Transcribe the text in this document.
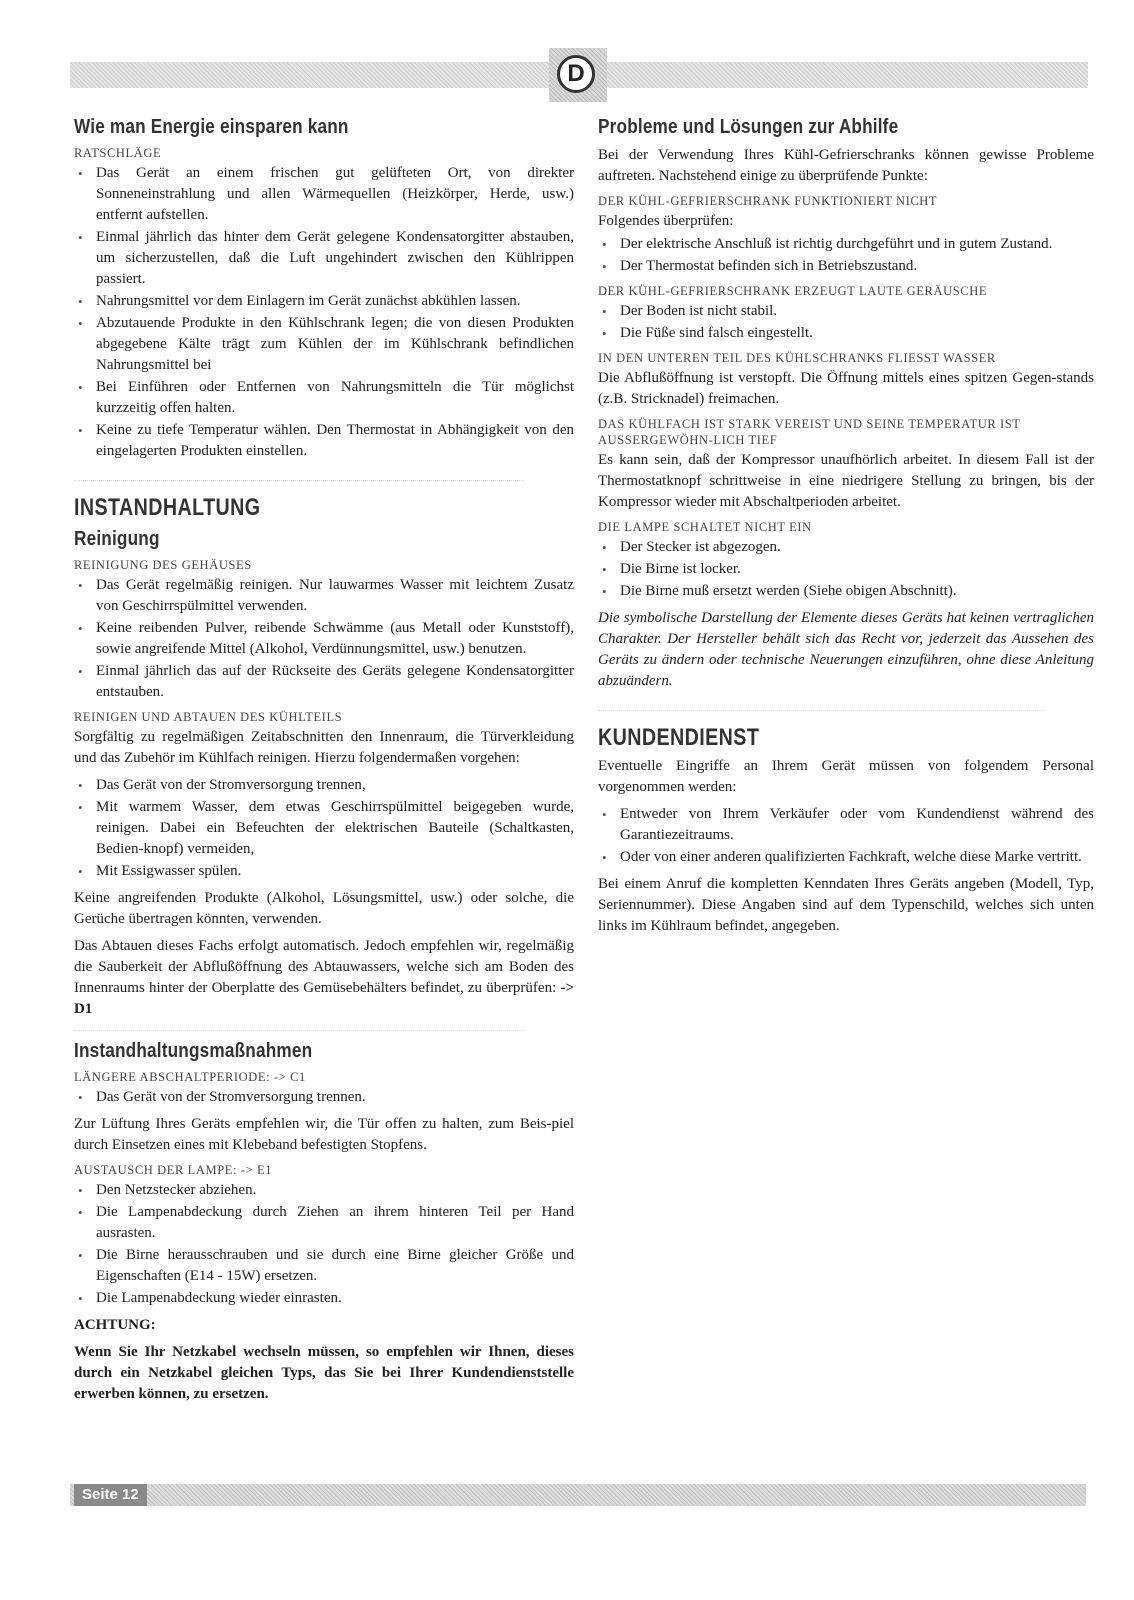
D
Wie man Energie einsparen kann
RATSCHLÄGE
• Das Gerät an einem frischen gut gelüfteten Ort, von direkter Sonneneinstrahlung und allen Wärmequellen (Heizkörper, Herde, usw.) entfernt aufstellen.
• Einmal jährlich das hinter dem Gerät gelegene Kondensatorgitter abstauben, um sicherzustellen, daß die Luft ungehindert zwischen den Kühlrippen passiert.
• Nahrungsmittel vor dem Einlagern im Gerät zunächst abkühlen lassen.
• Abzutauende Produkte in den Kühlschrank legen; die von diesen Produkten abgegebene Kälte trägt zum Kühlen der im Kühlschrank befindlichen Nahrungsmittel bei
• Bei Einführen oder Entfernen von Nahrungsmitteln die Tür möglichst kurzzeitig offen halten.
• Keine zu tiefe Temperatur wählen. Den Thermostat in Abhängigkeit von den eingelagerten Produkten einstellen.
INSTANDHALTUNG
Reinigung
REINIGUNG DES GEHÄUSES
• Das Gerät regelmäßig reinigen. Nur lauwarmes Wasser mit leichtem Zusatz von Geschirrspülmittel verwenden.
• Keine reibenden Pulver, reibende Schwämme (aus Metall oder Kunststoff), sowie angreifende Mittel (Alkohol, Verdünnungsmittel, usw.) benutzen.
• Einmal jährlich das auf der Rückseite des Geräts gelegene Kondensatorgitter entstauben.
REINIGEN UND ABTAUEN DES KÜHLTEILS

Sorgfältig zu regelmäßigen Zeitabschnitten den Innenraum, die Türverkleidung und das Zubehör im Kühlfach reinigen. Hierzu folgendermaßen vorgehen:

• Das Gerät von der Stromversorgung trennen,
• Mit warmem Wasser, dem etwas Geschirrspülmittel beigegeben wurde, reinigen. Dabei ein Befeuchten der elektrischen Bauteile (Schaltkasten, Bedien-knopf) vermeiden,
• Mit Essigwasser spülen.

Keine angreifenden Produkte (Alkohol, Lösungsmittel, usw.) oder solche, die Gerüche übertragen könnten, verwenden.

Das Abtauen dieses Fachs erfolgt automatisch. Jedoch empfehlen wir, regelmäßig die Sauberkeit der Abflußöffnung des Abtauwassers, welche sich am Boden des Innenraums hinter der Oberplatte des Gemüsebehälters befindet, zu überprüfen: -> D1

Instandhaltungsmaßnahmen
LÄNGERE ABSCHALTPERIODE: -> C1
• Das Gerät von der Stromversorgung trennen.

Zur Lüftung Ihres Geräts empfehlen wir, die Tür offen zu halten, zum Beis-piel durch Einsetzen eines mit Klebeband befestigten Stopfens.

AUSTAUSCH DER LAMPE: -> E1
• Den Netzstecker abziehen.
• Die Lampenabdeckung durch Ziehen an ihrem hinteren Teil per Hand ausrasten.
• Die Birne herausschrauben und sie durch eine Birne gleicher Größe und Eigenschaften (E14 - 15W) ersetzen.
• Die Lampenabdeckung wieder einrasten.

ACHTUNG:

Wenn Sie Ihr Netzkabel wechseln müssen, so empfehlen wir Ihnen, dieses durch ein Netzkabel gleichen Typs, das Sie bei Ihrer Kundendienststelle erwerben können, zu ersetzen.

Probleme und Lösungen zur Abhilfe

Bei der Verwendung Ihres Kühl-Gefrierschranks können gewisse Probleme auftreten. Nachstehend einige zu überprüfende Punkte:

DER KÜHL-GEFRIERSCHRANK FUNKTIONIERT NICHT

Folgendes überprüfen:

• Der elektrische Anschluß ist richtig durchgeführt und in gutem Zustand.
• Der Thermostat befinden sich in Betriebszustand.
DER KÜHL-GEFRIERSCHRANK ERZEUGT LAUTE GERÄUSCHE
• Der Boden ist nicht stabil.
• Die Füße sind falsch eingestellt.
IN DEN UNTEREN TEIL DES KÜHLSCHRANKS FLIESST WASSER

Die Abflußöffnung ist verstopft. Die Öffnung mittels eines spitzen Gegen-stands (z.B. Stricknadel) freimachen.

DAS KÜHLFACH IST STARK VEREIST UND SEINE TEMPERATUR IST AUSSERGEWÖHN-LICH TIEF

Es kann sein, daß der Kompressor unaufhörlich arbeitet. In diesem Fall ist der Thermostatknopf schrittweise in eine niedrigere Stellung zu bringen, bis der Kompressor wieder mit Abschaltperioden arbeitet.

DIE LAMPE SCHALTET NICHT EIN
• Der Stecker ist abgezogen.
• Die Birne ist locker.
• Die Birne muß ersetzt werden (Siehe obigen Abschnitt).

Die symbolische Darstellung der Elemente dieses Geräts hat keinen vertraglichen Charakter. Der Hersteller behält sich das Recht vor, jederzeit das Aussehen des Geräts zu ändern oder technische Neuerungen einzuführen, ohne diese Anleitung abzuändern.

KUNDENDIENST

Eventuelle Eingriffe an Ihrem Gerät müssen von folgendem Personal vorgenommen werden:

• Entweder von Ihrem Verkäufer oder vom Kundendienst während des Garantiezeitraums.
• Oder von einer anderen qualifizierten Fachkraft, welche diese Marke vertritt.

Bei einem Anruf die kompletten Kenndaten Ihres Geräts angeben (Modell, Typ, Seriennummer). Diese Angaben sind auf dem Typenschild, welches sich unten links im Kühlraum befindet, angegeben.

Seite 12
